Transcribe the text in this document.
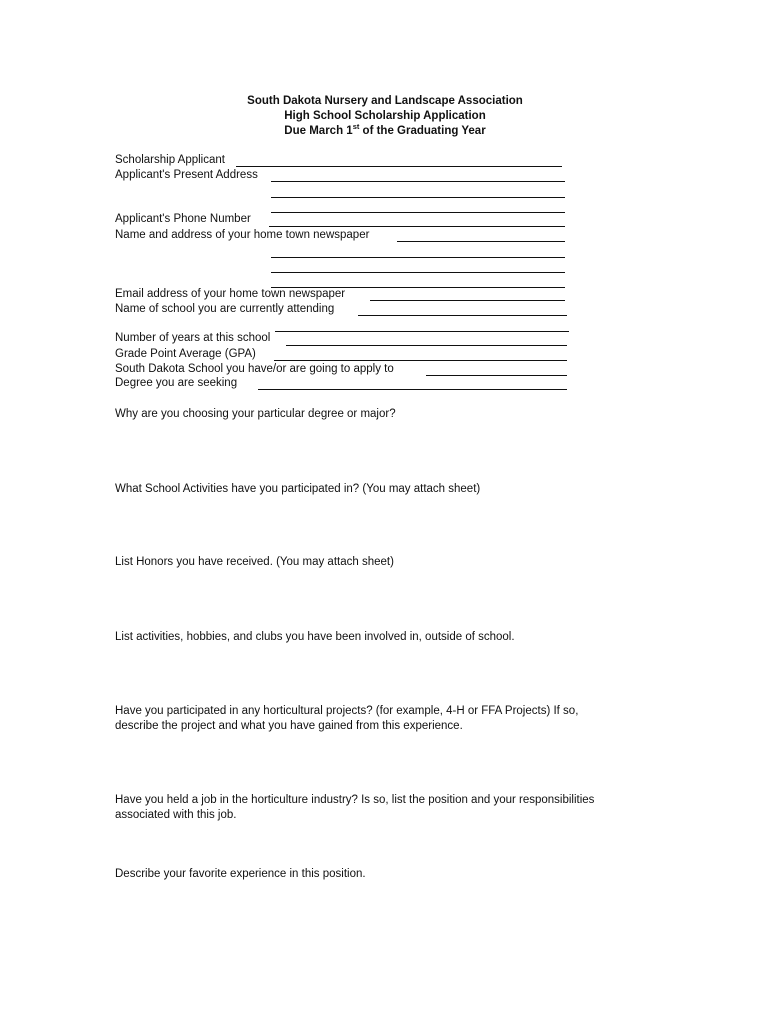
South Dakota Nursery and Landscape Association
High School Scholarship Application
Due March 1st of the Graduating Year
Scholarship Applicant
Applicant's Present Address
Applicant's Phone Number
Name and address of your home town newspaper
Email address of your home town newspaper
Name of school you are currently attending
Number of years at this school
Grade Point Average (GPA)
South Dakota School you have/or are going to apply to
Degree you are seeking
Why are you choosing your particular degree or major?
What School Activities have you participated in? (You may attach sheet)
List Honors you have received. (You may attach sheet)
List activities, hobbies, and clubs you have been involved in, outside of school.
Have you participated in any horticultural projects? (for example, 4-H or FFA Projects) If so,
describe the project and what you have gained from this experience.
Have you held a job in the horticulture industry? Is so, list the position and your responsibilities
associated with this job.
Describe your favorite experience in this position.
